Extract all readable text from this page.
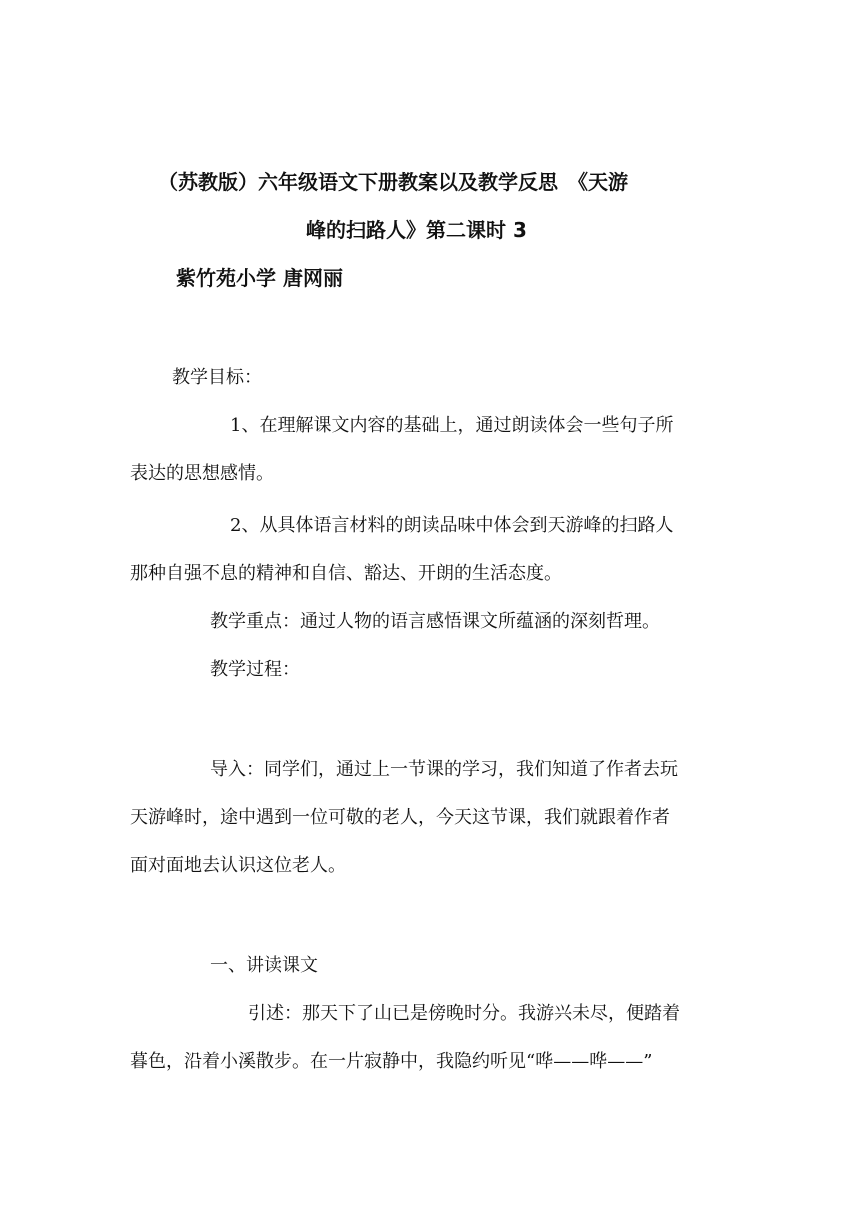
（苏教版）六年级语文下册教案以及教学反思　《天游
峰的扫路人》第二课时 3
紫竹苑小学 唐网丽
教学目标：
1、在理解课文内容的基础上，通过朗读体会一些句子所
表达的思想感情。
2、从具体语言材料的朗读品味中体会到天游峰的扫路人
那种自强不息的精神和自信、豁达、开朗的生活态度。
教学重点：通过人物的语言感悟课文所蕴涵的深刻哲理。
教学过程：
导入：同学们，通过上一节课的学习，我们知道了作者去玩
天游峰时，途中遇到一位可敬的老人，今天这节课，我们就跟着作者
面对面地去认识这位老人。
一、讲读课文
引述：那天下了山已是傍晚时分。我游兴未尽，便踏着
暮色，沿着小溪散步。在一片寂静中，我隐约听见“哗——哗——”
